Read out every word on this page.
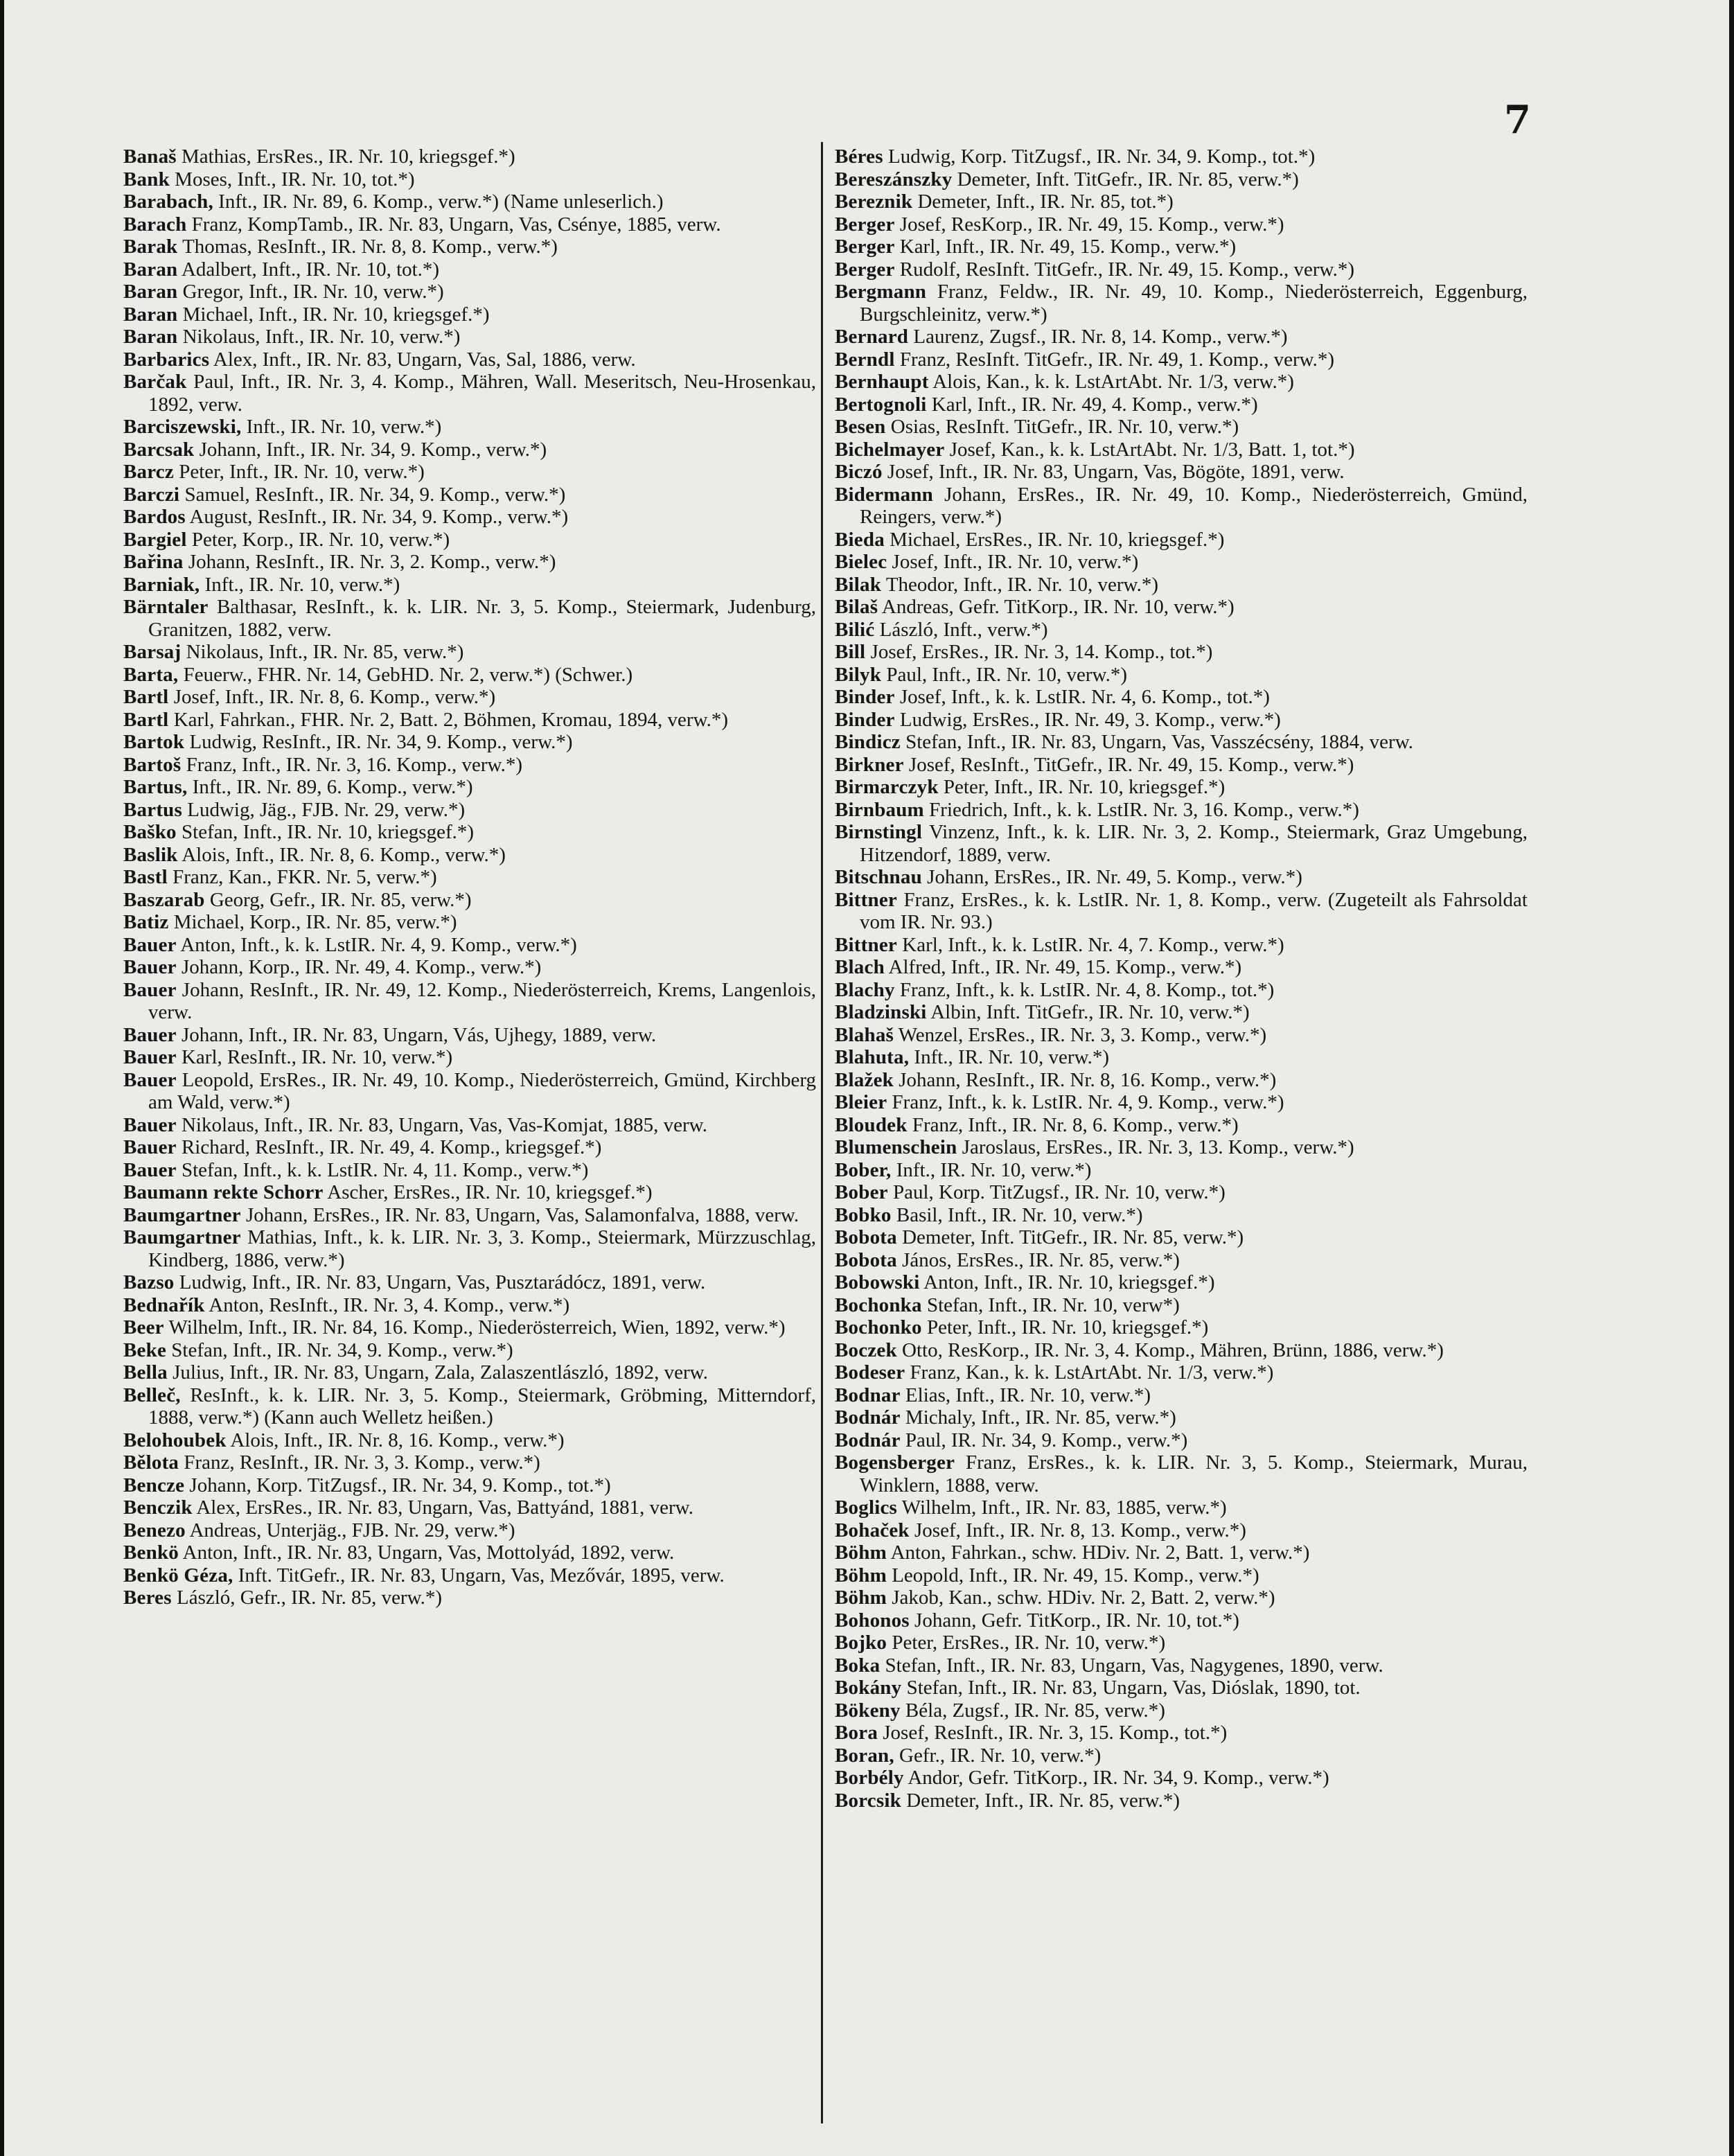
7
Banaš Mathias, ErsRes., IR. Nr. 10, kriegsgef.*)
Bank Moses, Inft., IR. Nr. 10, tot.*)
Barabach, Inft., IR. Nr. 89, 6. Komp., verw.*) (Name unleserlich.)
Barach Franz, KompTamb., IR. Nr. 83, Ungarn, Vas, Csénye, 1885, verw.
Barak Thomas, ResInft., IR. Nr. 8, 8. Komp., verw.*)
Baran Adalbert, Inft., IR. Nr. 10, tot.*)
Baran Gregor, Inft., IR. Nr. 10, verw.*)
Baran Michael, Inft., IR. Nr. 10, kriegsgef.*)
Baran Nikolaus, Inft., IR. Nr. 10, verw.*)
Barbarics Alex, Inft., IR. Nr. 83, Ungarn, Vas, Sal, 1886, verw.
Barčak Paul, Inft., IR. Nr. 3, 4. Komp., Mähren, Wall. Meseritsch, Neu-Hrosenkau, 1892, verw.
Barciszewski, Inft., IR. Nr. 10, verw.*)
Barcsak Johann, Inft., IR. Nr. 34, 9. Komp., verw.*)
Barcz Peter, Inft., IR. Nr. 10, verw.*)
Barczi Samuel, ResInft., IR. Nr. 34, 9. Komp., verw.*)
Bardos August, ResInft., IR. Nr. 34, 9. Komp., verw.*)
Bargiel Peter, Korp., IR. Nr. 10, verw.*)
Bařina Johann, ResInft., IR. Nr. 3, 2. Komp., verw.*)
Barniak, Inft., IR. Nr. 10, verw.*)
Bärntaler Balthasar, ResInft., k. k. LIR. Nr. 3, 5. Komp., Steiermark, Judenburg, Granitzen, 1882, verw.
Barsaj Nikolaus, Inft., IR. Nr. 85, verw.*)
Barta, Feuerw., FHR. Nr. 14, GebHD. Nr. 2, verw.*) (Schwer.)
Bartl Josef, Inft., IR. Nr. 8, 6. Komp., verw.*)
Bartl Karl, Fahrkan., FHR. Nr. 2, Batt. 2, Böhmen, Kromau, 1894, verw.*)
Bartok Ludwig, ResInft., IR. Nr. 34, 9. Komp., verw.*)
Bartoš Franz, Inft., IR. Nr. 3, 16. Komp., verw.*)
Bartus, Inft., IR. Nr. 89, 6. Komp., verw.*)
Bartus Ludwig, Jäg., FJB. Nr. 29, verw.*)
Baško Stefan, Inft., IR. Nr. 10, kriegsgef.*)
Baslik Alois, Inft., IR. Nr. 8, 6. Komp., verw.*)
Bastl Franz, Kan., FKR. Nr. 5, verw.*)
Baszarab Georg, Gefr., IR. Nr. 85, verw.*)
Batiz Michael, Korp., IR. Nr. 85, verw.*)
Bauer Anton, Inft., k. k. LstIR. Nr. 4, 9. Komp., verw.*)
Bauer Johann, Korp., IR. Nr. 49, 4. Komp., verw.*)
Bauer Johann, ResInft., IR. Nr. 49, 12. Komp., Niederösterreich, Krems, Langenlois, verw.
Bauer Johann, Inft., IR. Nr. 83, Ungarn, Vás, Ujhegy, 1889, verw.
Bauer Karl, ResInft., IR. Nr. 10, verw.*)
Bauer Leopold, ErsRes., IR. Nr. 49, 10. Komp., Niederösterreich, Gmünd, Kirchberg am Wald, verw.*)
Bauer Nikolaus, Inft., IR. Nr. 83, Ungarn, Vas, Vas-Komjat, 1885, verw.
Bauer Richard, ResInft., IR. Nr. 49, 4. Komp., kriegsgef.*)
Bauer Stefan, Inft., k. k. LstIR. Nr. 4, 11. Komp., verw.*)
Baumann rekte Schorr Ascher, ErsRes., IR. Nr. 10, kriegsgef.*)
Baumgartner Johann, ErsRes., IR. Nr. 83, Ungarn, Vas, Salamonfalva, 1888, verw.
Baumgartner Mathias, Inft., k. k. LIR. Nr. 3, 3. Komp., Steiermark, Mürzzuschlag, Kindberg, 1886, verw.*)
Bazso Ludwig, Inft., IR. Nr. 83, Ungarn, Vas, Pusztarádócz, 1891, verw.
Bednařík Anton, ResInft., IR. Nr. 3, 4. Komp., verw.*)
Beer Wilhelm, Inft., IR. Nr. 84, 16. Komp., Niederösterreich, Wien, 1892, verw.*)
Beke Stefan, Inft., IR. Nr. 34, 9. Komp., verw.*)
Bella Julius, Inft., IR. Nr. 83, Ungarn, Zala, Zalaszentlászló, 1892, verw.
Belleč, ResInft., k. k. LIR. Nr. 3, 5. Komp., Steiermark, Gröbming, Mitterndorf, 1888, verw.*) (Kann auch Welletz heißen.)
Belohoubek Alois, Inft., IR. Nr. 8, 16. Komp., verw.*)
Bělota Franz, ResInft., IR. Nr. 3, 3. Komp., verw.*)
Bencze Johann, Korp. TitZugsf., IR. Nr. 34, 9. Komp., tot.*)
Benczik Alex, ErsRes., IR. Nr. 83, Ungarn, Vas, Battyánd, 1881, verw.
Benezo Andreas, Unterjäg., FJB. Nr. 29, verw.*)
Benkö Anton, Inft., IR. Nr. 83, Ungarn, Vas, Mottolyád, 1892, verw.
Benkö Géza, Inft. TitGefr., IR. Nr. 83, Ungarn, Vas, Mezővár, 1895, verw.
Beres László, Gefr., IR. Nr. 85, verw.*)
Béres Ludwig, Korp. TitZugsf., IR. Nr. 34, 9. Komp., tot.*)
Bereszánszky Demeter, Inft. TitGefr., IR. Nr. 85, verw.*)
Bereznik Demeter, Inft., IR. Nr. 85, tot.*)
Berger Josef, ResKorp., IR. Nr. 49, 15. Komp., verw.*)
Berger Karl, Inft., IR. Nr. 49, 15. Komp., verw.*)
Berger Rudolf, ResInft. TitGefr., IR. Nr. 49, 15. Komp., verw.*)
Bergmann Franz, Feldw., IR. Nr. 49, 10. Komp., Niederösterreich, Eggenburg, Burgschleinitz, verw.*)
Bernard Laurenz, Zugsf., IR. Nr. 8, 14. Komp., verw.*)
Berndl Franz, ResInft. TitGefr., IR. Nr. 49, 1. Komp., verw.*)
Bernhaupt Alois, Kan., k. k. LstArtAbt. Nr. 1/3, verw.*)
Bertognoli Karl, Inft., IR. Nr. 49, 4. Komp., verw.*)
Besen Osias, ResInft. TitGefr., IR. Nr. 10, verw.*)
Bichelmayer Josef, Kan., k. k. LstArtAbt. Nr. 1/3, Batt. 1, tot.*)
Biczó Josef, Inft., IR. Nr. 83, Ungarn, Vas, Bögöte, 1891, verw.
Bidermann Johann, ErsRes., IR. Nr. 49, 10. Komp., Niederösterreich, Gmünd, Reingers, verw.*)
Bieda Michael, ErsRes., IR. Nr. 10, kriegsgef.*)
Bielec Josef, Inft., IR. Nr. 10, verw.*)
Bilak Theodor, Inft., IR. Nr. 10, verw.*)
Bilaš Andreas, Gefr. TitKorp., IR. Nr. 10, verw.*)
Bilić László, Inft., verw.*)
Bill Josef, ErsRes., IR. Nr. 3, 14. Komp., tot.*)
Bilyk Paul, Inft., IR. Nr. 10, verw.*)
Binder Josef, Inft., k. k. LstIR. Nr. 4, 6. Komp., tot.*)
Binder Ludwig, ErsRes., IR. Nr. 49, 3. Komp., verw.*)
Bindicz Stefan, Inft., IR. Nr. 83, Ungarn, Vas, Vasszécsény, 1884, verw.
Birkner Josef, ResInft., TitGefr., IR. Nr. 49, 15. Komp., verw.*)
Birmarczyk Peter, Inft., IR. Nr. 10, kriegsgef.*)
Birnbaum Friedrich, Inft., k. k. LstIR. Nr. 3, 16. Komp., verw.*)
Birnstingl Vinzenz, Inft., k. k. LIR. Nr. 3, 2. Komp., Steiermark, Graz Umgebung, Hitzendorf, 1889, verw.
Bitschnau Johann, ErsRes., IR. Nr. 49, 5. Komp., verw.*)
Bittner Franz, ErsRes., k. k. LstIR. Nr. 1, 8. Komp., verw. (Zugeteilt als Fahrsoldat vom IR. Nr. 93.)
Bittner Karl, Inft., k. k. LstIR. Nr. 4, 7. Komp., verw.*)
Blach Alfred, Inft., IR. Nr. 49, 15. Komp., verw.*)
Blachy Franz, Inft., k. k. LstIR. Nr. 4, 8. Komp., tot.*)
Bladzinski Albin, Inft. TitGefr., IR. Nr. 10, verw.*)
Blahaš Wenzel, ErsRes., IR. Nr. 3, 3. Komp., verw.*)
Blahuta, Inft., IR. Nr. 10, verw.*)
Blažek Johann, ResInft., IR. Nr. 8, 16. Komp., verw.*)
Bleier Franz, Inft., k. k. LstIR. Nr. 4, 9. Komp., verw.*)
Bloudek Franz, Inft., IR. Nr. 8, 6. Komp., verw.*)
Blumenschein Jaroslaus, ErsRes., IR. Nr. 3, 13. Komp., verw.*)
Bober, Inft., IR. Nr. 10, verw.*)
Bober Paul, Korp. TitZugsf., IR. Nr. 10, verw.*)
Bobko Basil, Inft., IR. Nr. 10, verw.*)
Bobota Demeter, Inft. TitGefr., IR. Nr. 85, verw.*)
Bobota János, ErsRes., IR. Nr. 85, verw.*)
Bobowski Anton, Inft., IR. Nr. 10, kriegsgef.*)
Bochonka Stefan, Inft., IR. Nr. 10, verw*)
Bochonko Peter, Inft., IR. Nr. 10, kriegsgef.*)
Boczek Otto, ResKorp., IR. Nr. 3, 4. Komp., Mähren, Brünn, 1886, verw.*)
Bodeser Franz, Kan., k. k. LstArtAbt. Nr. 1/3, verw.*)
Bodnar Elias, Inft., IR. Nr. 10, verw.*)
Bodnár Michaly, Inft., IR. Nr. 85, verw.*)
Bodnár Paul, IR. Nr. 34, 9. Komp., verw.*)
Bogensberger Franz, ErsRes., k. k. LIR. Nr. 3, 5. Komp., Steiermark, Murau, Winklern, 1888, verw.
Boglics Wilhelm, Inft., IR. Nr. 83, 1885, verw.*)
Bohaček Josef, Inft., IR. Nr. 8, 13. Komp., verw.*)
Böhm Anton, Fahrkan., schw. HDiv. Nr. 2, Batt. 1, verw.*)
Böhm Leopold, Inft., IR. Nr. 49, 15. Komp., verw.*)
Böhm Jakob, Kan., schw. HDiv. Nr. 2, Batt. 2, verw.*)
Bohonos Johann, Gefr. TitKorp., IR. Nr. 10, tot.*)
Bojko Peter, ErsRes., IR. Nr. 10, verw.*)
Boka Stefan, Inft., IR. Nr. 83, Ungarn, Vas, Nagygenes, 1890, verw.
Bokány Stefan, Inft., IR. Nr. 83, Ungarn, Vas, Dióslak, 1890, tot.
Bökeny Béla, Zugsf., IR. Nr. 85, verw.*)
Bora Josef, ResInft., IR. Nr. 3, 15. Komp., tot.*)
Boran, Gefr., IR. Nr. 10, verw.*)
Borbély Andor, Gefr. TitKorp., IR. Nr. 34, 9. Komp., verw.*)
Borcsik Demeter, Inft., IR. Nr. 85, verw.*)
